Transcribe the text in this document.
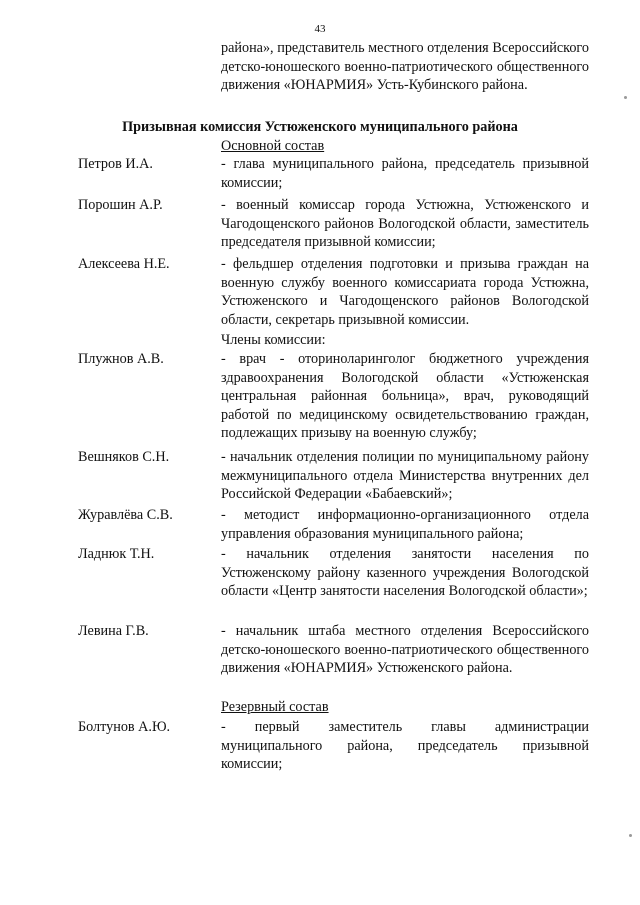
43
района», представитель местного отделения Всероссийского детско-юношеского военно-патриотического общественного движения «ЮНАРМИЯ» Усть-Кубинского района.
Призывная комиссия Устюженского муниципального района
Основной состав
Петров И.А.	- глава муниципального района, председатель призывной комиссии;
Порошин А.Р.	- военный комиссар города Устюжна, Устюженского и Чагодощенского районов Вологодской области, заместитель председателя призывной комиссии;
Алексеева Н.Е.	- фельдшер отделения подготовки и призыва граждан на военную службу военного комиссариата города Устюжна, Устюженского и Чагодощенского районов Вологодской области, секретарь призывной комиссии.
Члены комиссии:
Плужнов А.В.	- врач - оториноларинголог бюджетного учреждения здравоохранения Вологодской области «Устюженская центральная районная больница», врач, руководящий работой по медицинскому освидетельствованию граждан, подлежащих призыву на военную службу;
Вешняков С.Н.	- начальник отделения полиции по муниципальному району межмуниципального отдела Министерства внутренних дел Российской Федерации «Бабаевский»;
Журавлёва С.В.	- методист информационно-организационного отдела управления образования муниципального района;
Ладнюк Т.Н.	- начальник отделения занятости населения по Устюженскому району казенного учреждения Вологодской области «Центр занятости населения Вологодской области»;
Левина Г.В.	- начальник штаба местного отделения Всероссийского детско-юношеского военно-патриотического общественного движения «ЮНАРМИЯ» Устюженского района.
Резервный состав
Болтунов А.Ю.	- первый заместитель главы администрации муниципального района, председатель призывной комиссии;
